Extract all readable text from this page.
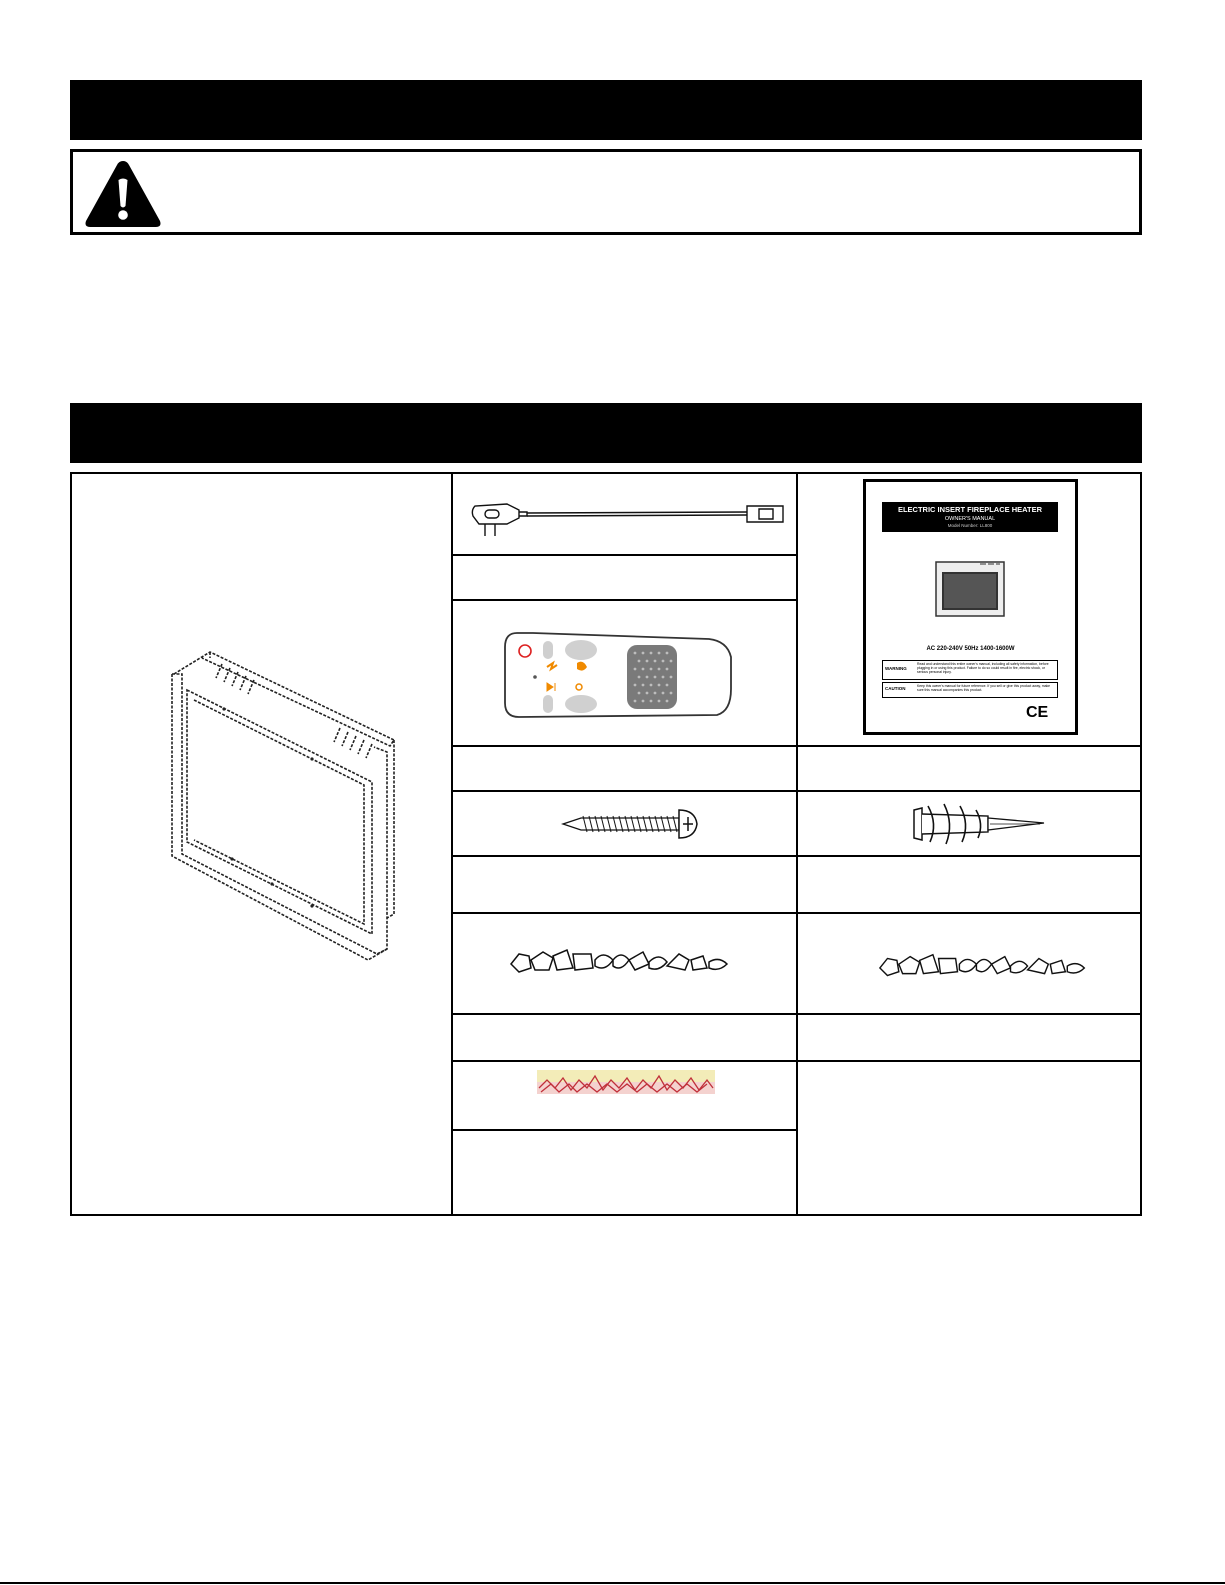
ELECTRIC INSERT FIREPLACE HEATER
OWNER'S MANUAL
Model Number: LL800
AC 220-240V 50Hz 1400-1600W
WARNING
Read and understand this entire owner's manual, including all safety information, before plugging in or using this product. Failure to do so could result in fire, electric shock, or serious personal injury.
CAUTION	Keep this owner's manual for future reference. If you sell or give this product away, make sure this manual accompanies this product.
CE
